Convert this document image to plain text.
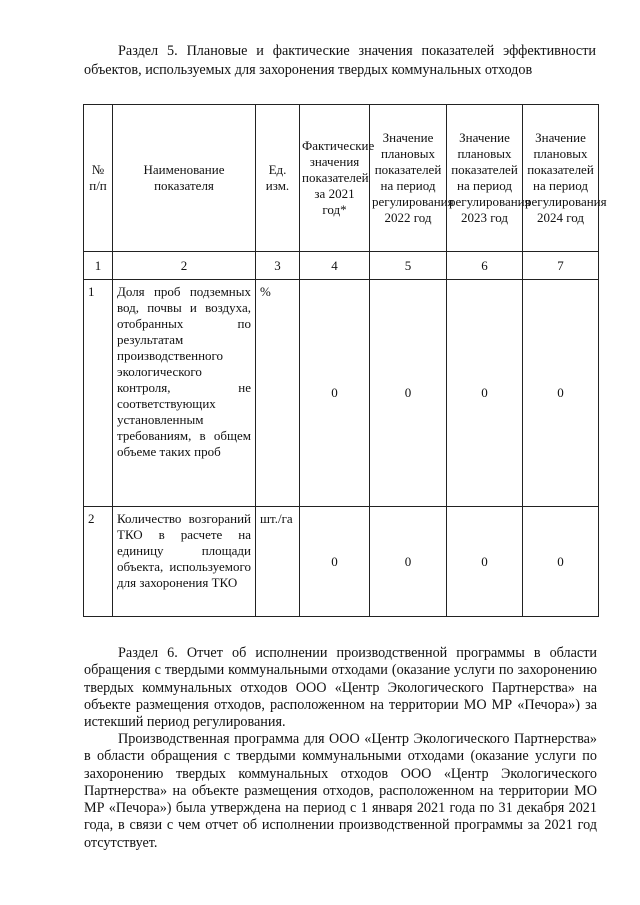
Раздел 5. Плановые и фактические значения показателей эффективности объектов, используемых для захоронения твердых коммунальных отходов
№ п/п	Наименование показателя	Ед. изм.	Фактические значения показателей за 2021 год*	Значение плановых показателей на период регулирования 2022 год	Значение плановых показателей на период регулирования 2023 год	Значение плановых показателей на период регулирования 2024 год
1	2	3	4	5	6	7
1	Доля проб подземных вод, почвы и воздуха, отобранных по результатам производственного экологического контроля, не соответствующих установленным требованиям, в общем объеме таких проб	%	0	0	0	0
2	Количество возгораний ТКО в расчете на единицу площади объекта, используемого для захоронения ТКО	шт./га	0	0	0	0

Раздел 6. Отчет об исполнении производственной программы в области обращения с твердыми коммунальными отходами (оказание услуги по захоронению твердых коммунальных отходов ООО «Центр Экологического Партнерства» на объекте размещения отходов, расположенном на территории МО МР «Печора») за истекший период регулирования.

Производственная программа для ООО «Центр Экологического Партнерства» в области обращения с твердыми коммунальными отходами (оказание услуги по захоронению твердых коммунальных отходов ООО «Центр Экологического Партнерства» на объекте размещения отходов, расположенном на территории МО МР «Печора») была утверждена на период с 1 января 2021 года по 31 декабря 2021 года, в связи с чем отчет об исполнении производственной программы за 2021 год отсутствует.
